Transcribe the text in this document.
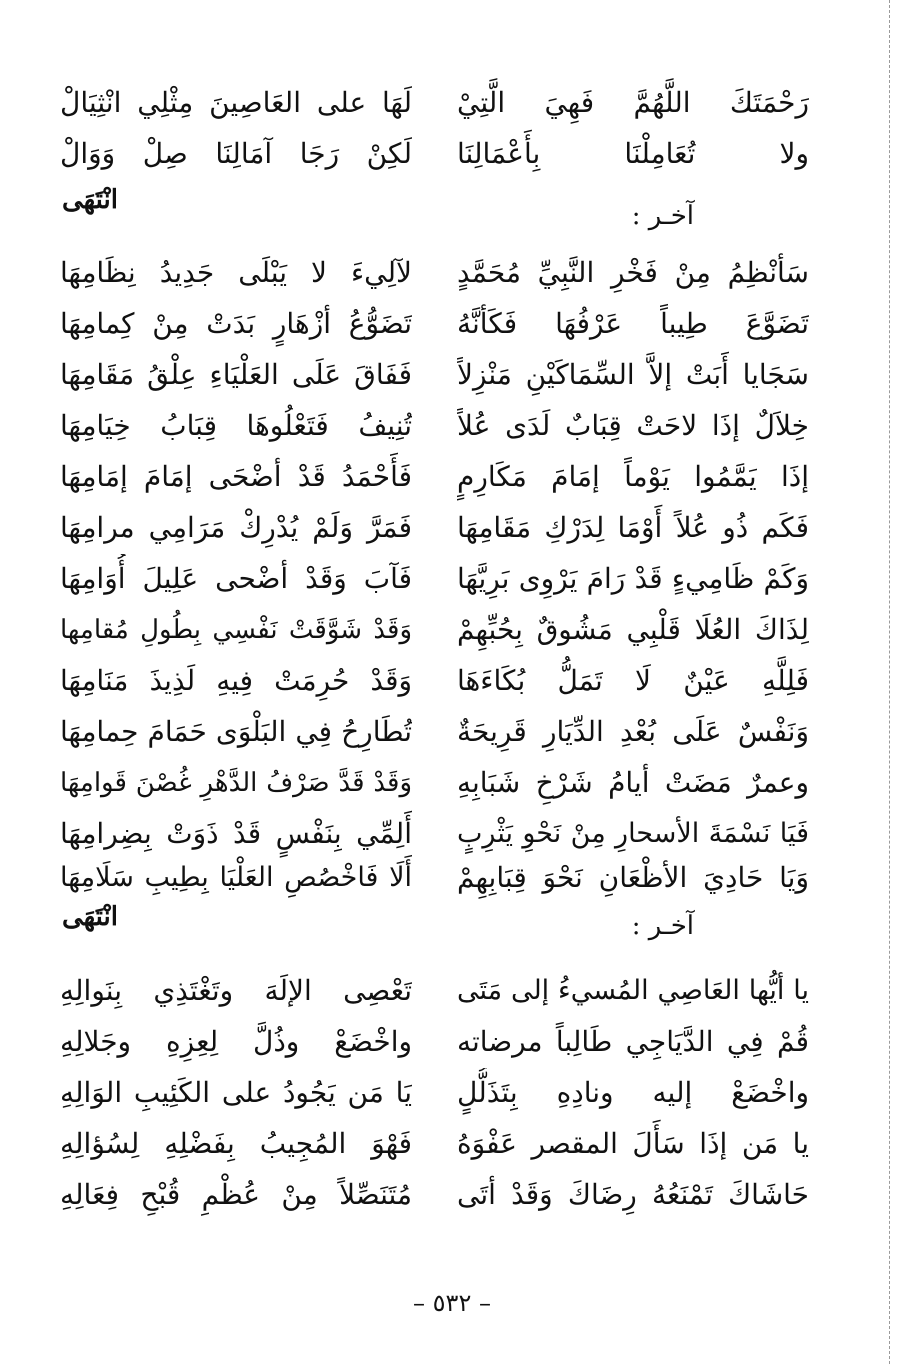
رَحْمَتَكَ اللَّهُمَّ فَهِيَ الَّتِيْ
لَهَا على العَاصِينَ مِثْلِي انْثِيَالْ
ولا تُعَامِلْنَا بِأَعْمَالِنَا
لَكِنْ رَجَا آمَالِنَا صِلْ وَوَالْ
انْتَهَى
آخـر :
سَأنْظِمُ مِنْ فَخْرِ النَّبِيِّ مُحَمَّدٍ
لآلِيءَ لا يَبْلَى جَدِيدُ نِظَامِهَا
تَضَوَّعَ طِيباً عَرْفُهَا فَكَأنَّهُ
تَضَوُّعُ أزْهَارٍ بَدَتْ مِنْ كِمامِهَا
سَجَايا أَبَتْ إلاَّ السِّمَاكَيْنِ مَنْزِلاً
فَفَاقَ عَلَى العَلْيَاءِ عِلْقُ مَقَامِهَا
خِلاَلٌ إذَا لاحَتْ قِبَابٌ لَدَى عُلاً
تُنِيفُ فَتَعْلُوهَا قِبَابُ خِيَامِهَا
إذَا يَمَّمُوا يَوْماً إمَامَ مَكَارِمٍ
فَأَحْمَدُ قَدْ أضْحَى إمَامَ إمَامِهَا
فَكَم ذُو عُلاً أَوْمَا لِدَرْكِ مَقَامِهَا
فَمَرَّ وَلَمْ يُدْرِكْ مَرَامِي مرامِهَا
وَكَمْ ظَامِيءٍ قَدْ رَامَ يَرْوِى بَرِيَّهَا
فَآبَ وَقَدْ أضْحى عَلِيلَ أُوَامِهَا
لِذَاكَ العُلَا قَلْبِي مَشُوقٌ بِحُبِّهِمْ
وَقَدْ شَوَّقَتْ نَفْسِي بِطُولِ مُقامِها
فَلِلَّهِ عَيْنٌ لَا تَمَلُّ بُكَاءَهَا
وَقَدْ حُرِمَتْ فِيهِ لَذِيذَ مَنَامِهَا
وَنَفْسٌ عَلَى بُعْدِ الدِّيَارِ قَرِيحَةٌ
تُطَارِحُ فِي البَلْوَى حَمَامَ حِمامِهَا
وعمرٌ مَضَتْ أيامُ شَرْخِ شَبَابِهِ
وَقَدْ قَدَّ صَرْفُ الدَّهْرِ غُصْنَ قَوامِهَا
فَيَا نَسْمَةَ الأسحارِ مِنْ نَحْوِ يَثْرِبٍ
أَلِمِّي بِنَفْسٍ قَدْ ذَوَتْ بِضِرامِهَا
وَيَا حَادِيَ الأظْعَانِ نَحْوَ قِبَابِهِمْ
أَلَا فَاخْصُصِ العَلْيَا بِطِيبِ سَلَامِهَا
انْتَهَى	آخـر :
يا أيُّها العَاصِي المُسيءُ إلى مَتَى
تَعْصِى الإلَهَ وتَغْتَذِي بِنَوالِهِ
قُمْ فِي الدَّيَاجِي طَالِباً مرضاته
واخْضَعْ وذُلَّ لِعِزِهِ وجَلالِهِ
واخْضَعْ إليه ونادِهِ بِتَذَلُّلٍ
يَا مَن يَجُودُ على الكَئِيبِ الوَالِهِ
يا مَن إذَا سَأَلَ المقصر عَفْوَهُ
فَهْوَ المُجِيبُ بِفَضْلِهِ لِسُؤالِهِ
حَاشَاكَ تَمْنَعُهُ رِضَاكَ وَقَدْ أتَى
مُتَنَصِّلاً مِنْ عُظْمِ قُبْحِ فِعَالِهِ
– ٥٣٢ –
